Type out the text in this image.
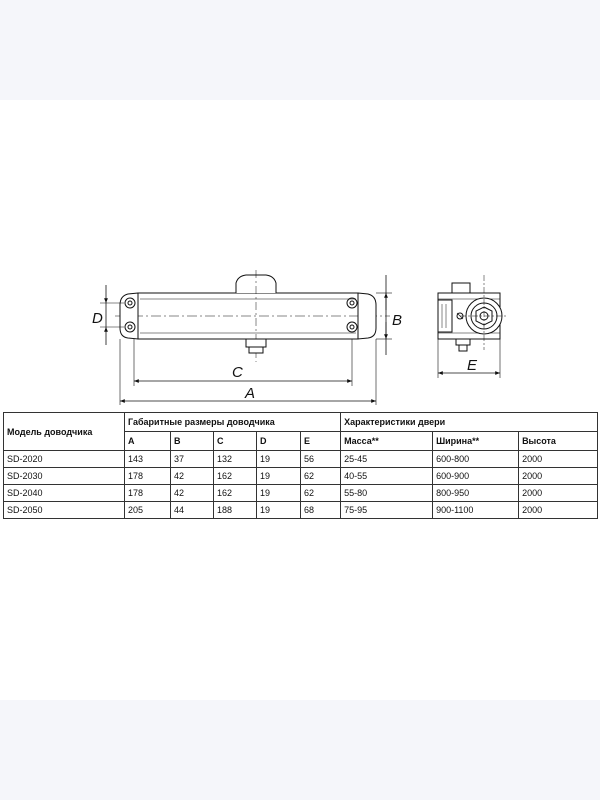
D	B
C
A
E
Модель доводчика	Габаритные размеры доводчика					Характеристики двери		
	A	B	C	D	E	Масса**	Ширина**	Высота
SD-2020	143	37	132	19	56	25-45	600-800	2000
SD-2030	178	42	162	19	62	40-55	600-900	2000
SD-2040	178	42	162	19	62	55-80	800-950	2000
SD-2050	205	44	188	19	68	75-95	900-1100	2000
